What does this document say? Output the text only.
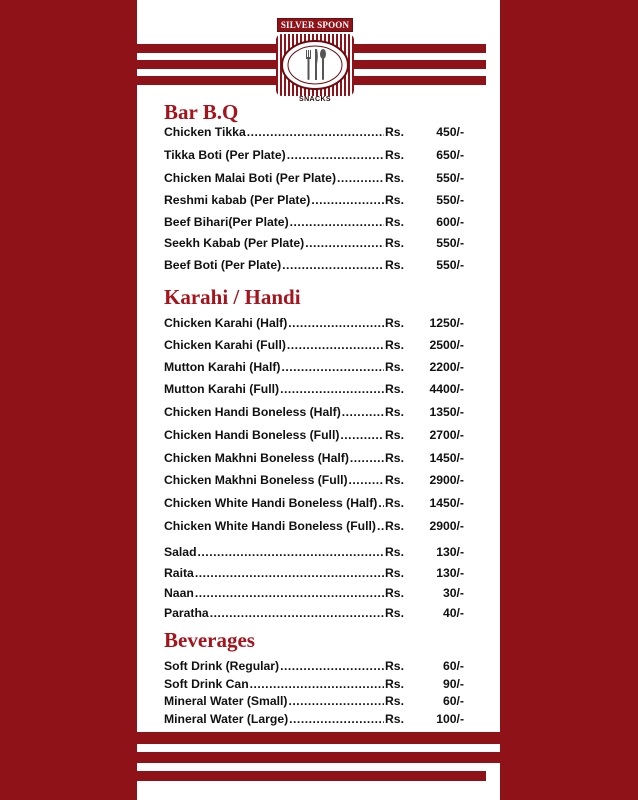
SILVER SPOON
SNACKS
Bar B.Q
Chicken Tikka .....	Rs.	450/-
Tikka Boti (Per Plate) .....	Rs.	650/-
Chicken Malai Boti (Per Plate) .....	Rs.	550/-
Reshmi kabab (Per Plate) .....	Rs.	550/-
Beef Bihari(Per Plate) .....	Rs.	600/-
Seekh Kabab (Per Plate) .....	Rs.	550/-
Beef Boti (Per Plate) .....	Rs.	550/-
Karahi / Handi
Chicken Karahi (Half) .....	Rs.	1250/-
Chicken Karahi (Full) .....	Rs.	2500/-
Mutton Karahi (Half) .....	Rs.	2200/-
Mutton Karahi (Full) .....	Rs.	4400/-
Chicken Handi Boneless (Half) .....	Rs.	1350/-
Chicken Handi Boneless (Full) .....	Rs.	2700/-
Chicken Makhni Boneless (Half) .....	Rs.	1450/-
Chicken Makhni Boneless (Full) .....	Rs.	2900/-
Chicken White Handi Boneless (Half) ..... Rs.	1450/-
Chicken White Handi Boneless (Full) ..... Rs.	2900/-
Salad .....	Rs.	130/-
Raita .....	Rs.	130/-
Naan .....	Rs.	30/-
Paratha .....	Rs.	40/-
Beverages
Soft Drink (Regular) .....	Rs.	60/-
Soft Drink Can .....	Rs.	90/-
Mineral Water (Small) .....	Rs.	60/-
Mineral Water (Large) .....	Rs.	100/-
